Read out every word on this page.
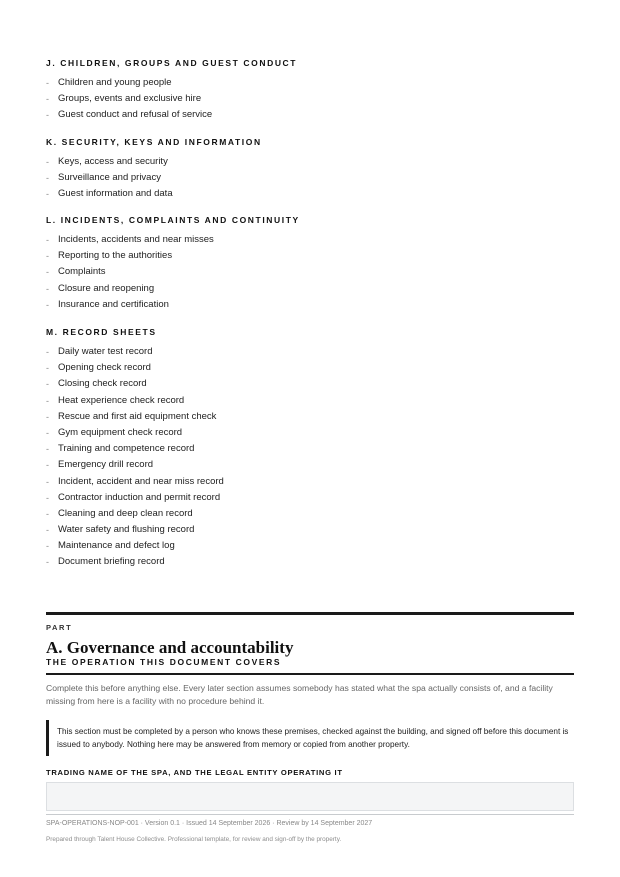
J. CHILDREN, GROUPS AND GUEST CONDUCT
- Children and young people
- Groups, events and exclusive hire
- Guest conduct and refusal of service
K. SECURITY, KEYS AND INFORMATION
- Keys, access and security
- Surveillance and privacy
- Guest information and data
L. INCIDENTS, COMPLAINTS AND CONTINUITY
- Incidents, accidents and near misses
- Reporting to the authorities
- Complaints
- Closure and reopening
- Insurance and certification
M. RECORD SHEETS
- Daily water test record
- Opening check record
- Closing check record
- Heat experience check record
- Rescue and first aid equipment check
- Gym equipment check record
- Training and competence record
- Emergency drill record
- Incident, accident and near miss record
- Contractor induction and permit record
- Cleaning and deep clean record
- Water safety and flushing record
- Maintenance and defect log
- Document briefing record
PART
A. Governance and accountability
THE OPERATION THIS DOCUMENT COVERS

Complete this before anything else. Every later section assumes somebody has stated what the spa actually consists of, and a facility missing from here is a facility with no procedure behind it.

This section must be completed by a person who knows these premises, checked against the building, and signed off before this document is issued to anybody. Nothing here may be answered from memory or copied from another property.
TRADING NAME OF THE SPA, AND THE LEGAL ENTITY OPERATING IT
SPA-OPERATIONS-NOP-001 · Version 0.1 · Issued 14 September 2026 · Review by 14 September 2027
Prepared through Talent House Collective. Professional template, for review and sign-off by the property.
